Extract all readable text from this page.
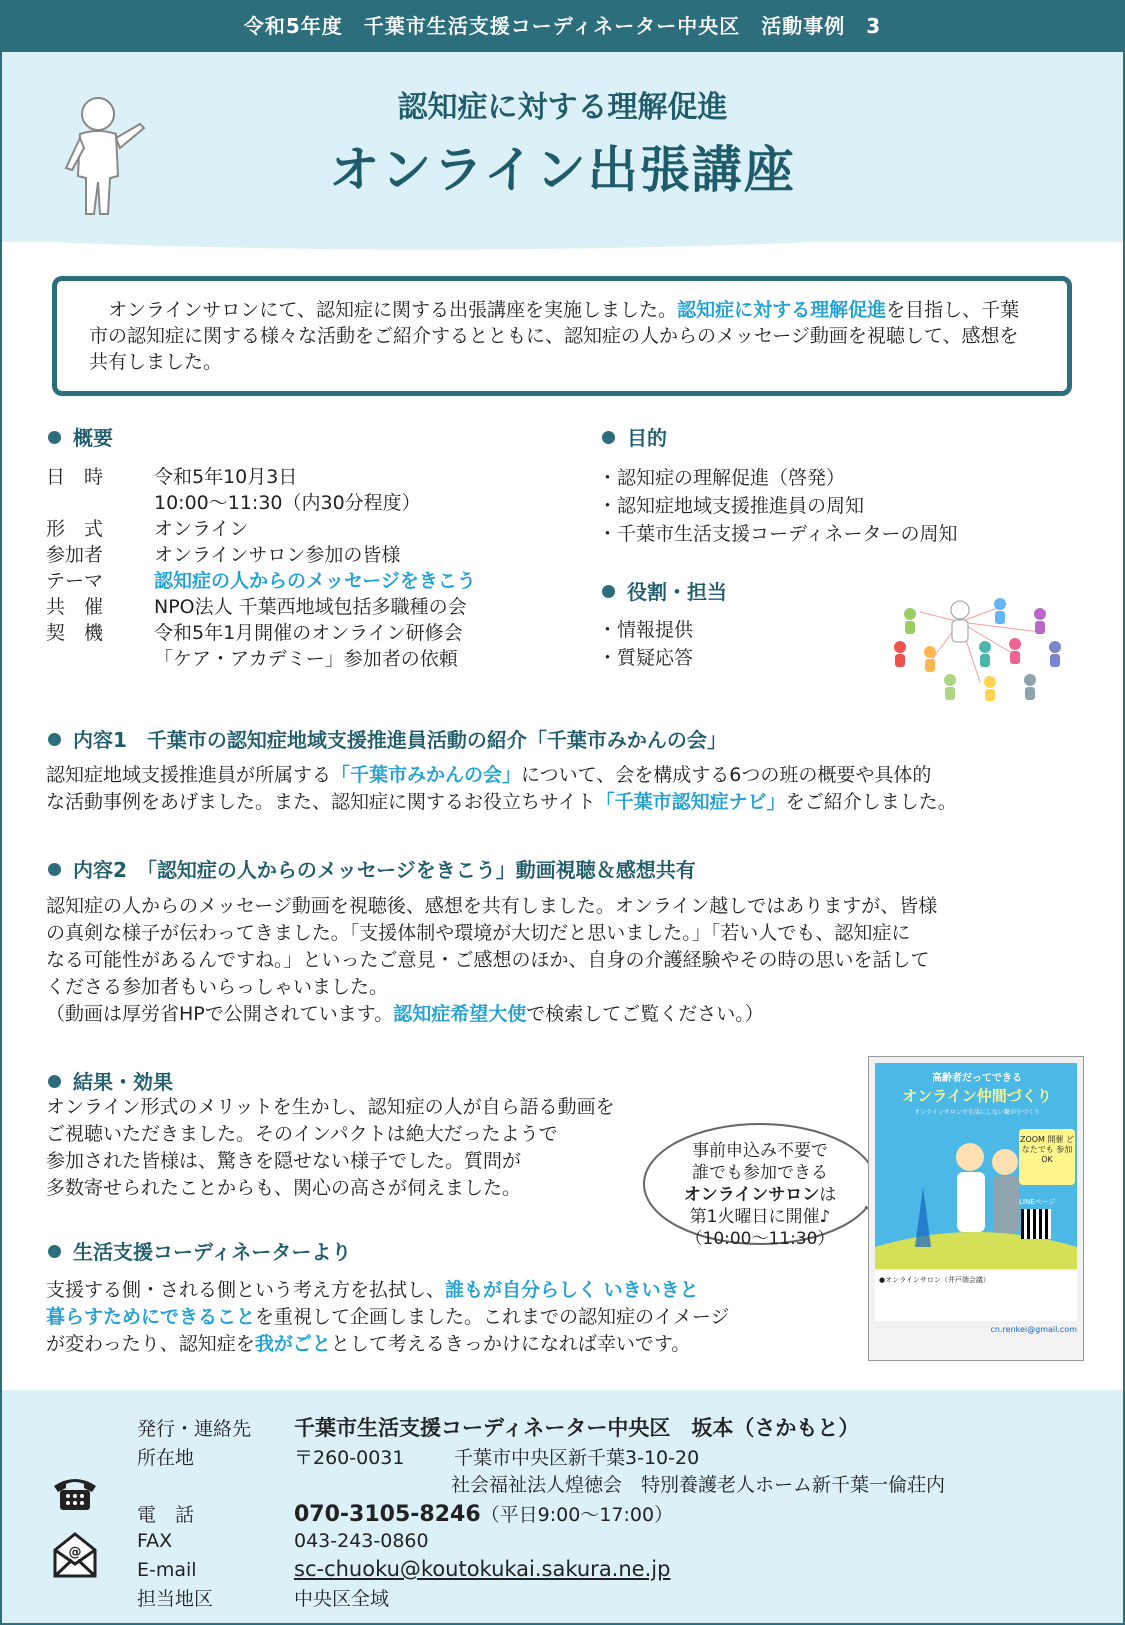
令和5年度　千葉市生活支援コーディネーター中央区　活動事例　3
認知症に対する理解促進
オンライン出張講座
　オンラインサロンにて、認知症に関する出張講座を実施しました。認知症に対する理解促進を目指し、千葉市の認知症に関する様々な活動をご紹介するとともに、認知症の人からのメッセージ動画を視聴して、感想を共有しました。
概要
日　時	令和5年10月3日
10:00～11:30（内30分程度）
形　式	オンライン
参加者	オンラインサロン参加の皆様
テーマ	認知症の人からのメッセージをきこう
共　催	NPO法人 千葉西地域包括多職種の会
契　機	令和5年1月開催のオンライン研修会
「ケア・アカデミー」参加者の依頼
目的
・認知症の理解促進（啓発）
・認知症地域支援推進員の周知
・千葉市生活支援コーディネーターの周知
役割・担当
・情報提供
・質疑応答
内容1　千葉市の認知症地域支援推進員活動の紹介「千葉市みかんの会」
認知症地域支援推進員が所属する「千葉市みかんの会」について、会を構成する6つの班の概要や具体的
な活動事例をあげました。また、認知症に関するお役立ちサイト「千葉市認知症ナビ」をご紹介しました。
内容2　「認知症の人からのメッセージをきこう」動画視聴＆感想共有
認知症の人からのメッセージ動画を視聴後、感想を共有しました。オンライン越しではありますが、皆様
の真剣な様子が伝わってきました。「支援体制や環境が大切だと思いました。」「若い人でも、認知症に
なる可能性があるんですね。」といったご意見・ご感想のほか、自身の介護経験やその時の思いを話して
くださる参加者もいらっしゃいました。
（動画は厚労省HPで公開されています。認知症希望大使で検索してご覧ください。）
結果・効果
オンライン形式のメリットを生かし、認知症の人が自ら語る動画を
ご視聴いただきました。そのインパクトは絶大だったようで
参加された皆様は、驚きを隠せない様子でした。質問が
多数寄せられたことからも、関心の高さが伺えました。
事前申込み不要で
誰でも参加できる
オンラインサロンは
第1火曜日に開催♪
（10:00～11:30）
高齢者だってできる
オンライン仲間づくり
オンラインサロンで生活にしない繋がりづくり
ZOOM 開催 どなたでも 参加OK
LINEページ
●オンラインサロン（井戸端会議）
cn.renkei@gmail.com
生活支援コーディネーターより
支援する側・される側という考え方を払拭し、誰もが自分らしく いきいきと
暮らすためにできることを重視して企画しました。これまでの認知症のイメージ
が変わったり、認知症を我がごととして考えるきっかけになれば幸いです。
発行・連絡先 千葉市生活支援コーディネーター中央区　坂本（さかもと）
所在地	〒260-0031	千葉市中央区新千葉3-10-20
社会福祉法人煌徳会　特別養護老人ホーム新千葉一倫荘内
電　話	070-3105-8246（平日9:00～17:00）
FAX	043-243-0860
E-mail	sc-chuoku@koutokukai.sakura.ne.jp
担当地区	中央区全域
@
